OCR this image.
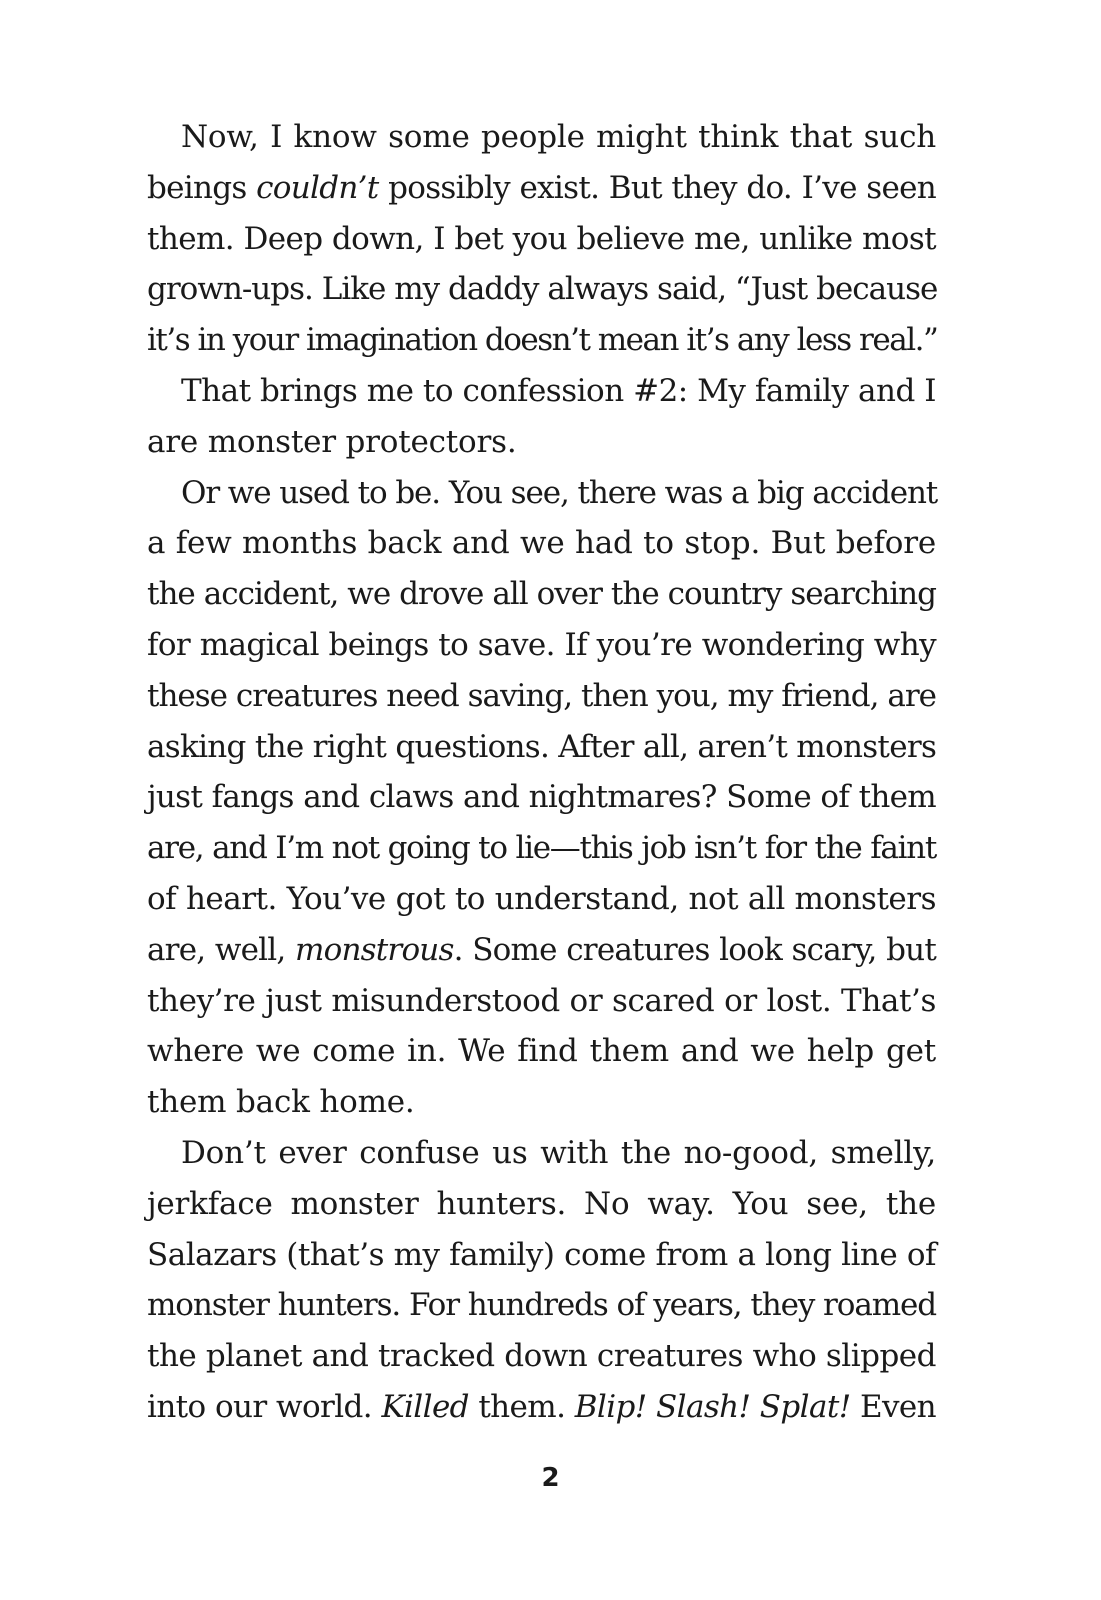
Now, I know some people might think that such
beings couldn’t possibly exist. But they do. I’ve seen
them. Deep down, I bet you believe me, unlike most
grown-ups. Like my daddy always said, “Just because
it’s in your imagination doesn’t mean it’s any less real.”
That brings me to confession #2: My family and I
are monster protectors.
Or we used to be. You see, there was a big accident
a few months back and we had to stop. But before
the accident, we drove all over the country searching
for magical beings to save. If you’re wondering why
these creatures need saving, then you, my friend, are
asking the right questions. After all, aren’t monsters
just fangs and claws and nightmares? Some of them
are, and I’m not going to lie—this job isn’t for the faint
of heart. You’ve got to understand, not all monsters
are, well, monstrous. Some creatures look scary, but
they’re just misunderstood or scared or lost. That’s
where we come in. We find them and we help get
them back home.
Don’t ever confuse us with the no-good, smelly,
jerkface monster hunters. No way. You see, the
Salazars (that’s my family) come from a long line of
monster hunters. For hundreds of years, they roamed
the planet and tracked down creatures who slipped
into our world. Killed them. Blip! Slash! Splat! Even
2
